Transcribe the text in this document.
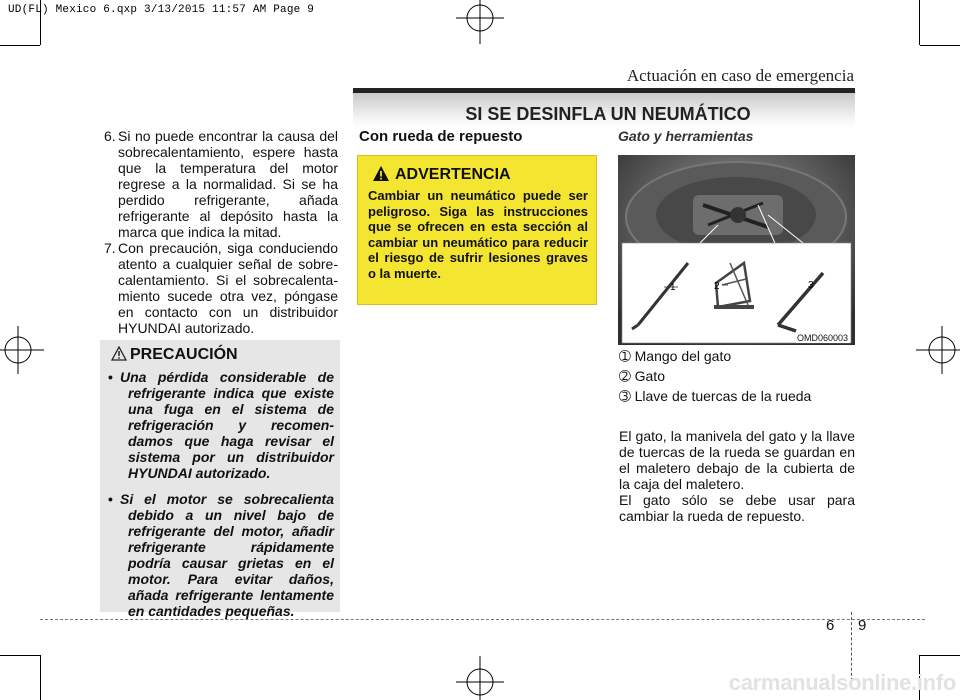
UD(FL) Mexico 6.qxp 3/13/2015 11:57 AM Page 9
Actuación en caso de emergencia
SI SE DESINFLA UN NEUMÁTICO
6. Si no puede encontrar la causa del sobrecalentamiento, espere hasta que la temperatura del motor regrese a la normalidad. Si se ha perdido refrigerante, añada refrigerante al depósito hasta la marca que indica la mitad.
7. Con precaución, siga conduciendo atento a cualquier señal de sobre-calentamiento. Si el sobrecalenta-miento sucede otra vez, póngase en contacto con un distribuidor HYUNDAI autorizado.
PRECAUCIÓN
• Una pérdida considerable de refrigerante indica que existe una fuga en el sistema de refrigeración y recomen-damos que haga revisar el sistema por un distribuidor HYUNDAI autorizado.
• Si el motor se sobrecalienta debido a un nivel bajo de refrigerante del motor, añadir refrigerante rápidamente podría causar grietas en el motor. Para evitar daños, añada refrigerante lentamente en cantidades pequeñas.
Con rueda de repuesto
ADVERTENCIA
Cambiar un neumático puede ser peligroso. Siga las instrucciones que se ofrecen en esta sección al cambiar un neumático para reducir el riesgo de sufrir lesiones graves o la muerte.
Gato y herramientas
1	2	3
OMD060003
➀ Mango del gato
➁ Gato
➂ Llave de tuercas de la rueda
El gato, la manivela del gato y la llave de tuercas de la rueda se guardan en el maletero debajo de la cubierta de la caja del maletero.
El gato sólo se debe usar para cambiar la rueda de repuesto.
6 9
carmanualsonline.info
